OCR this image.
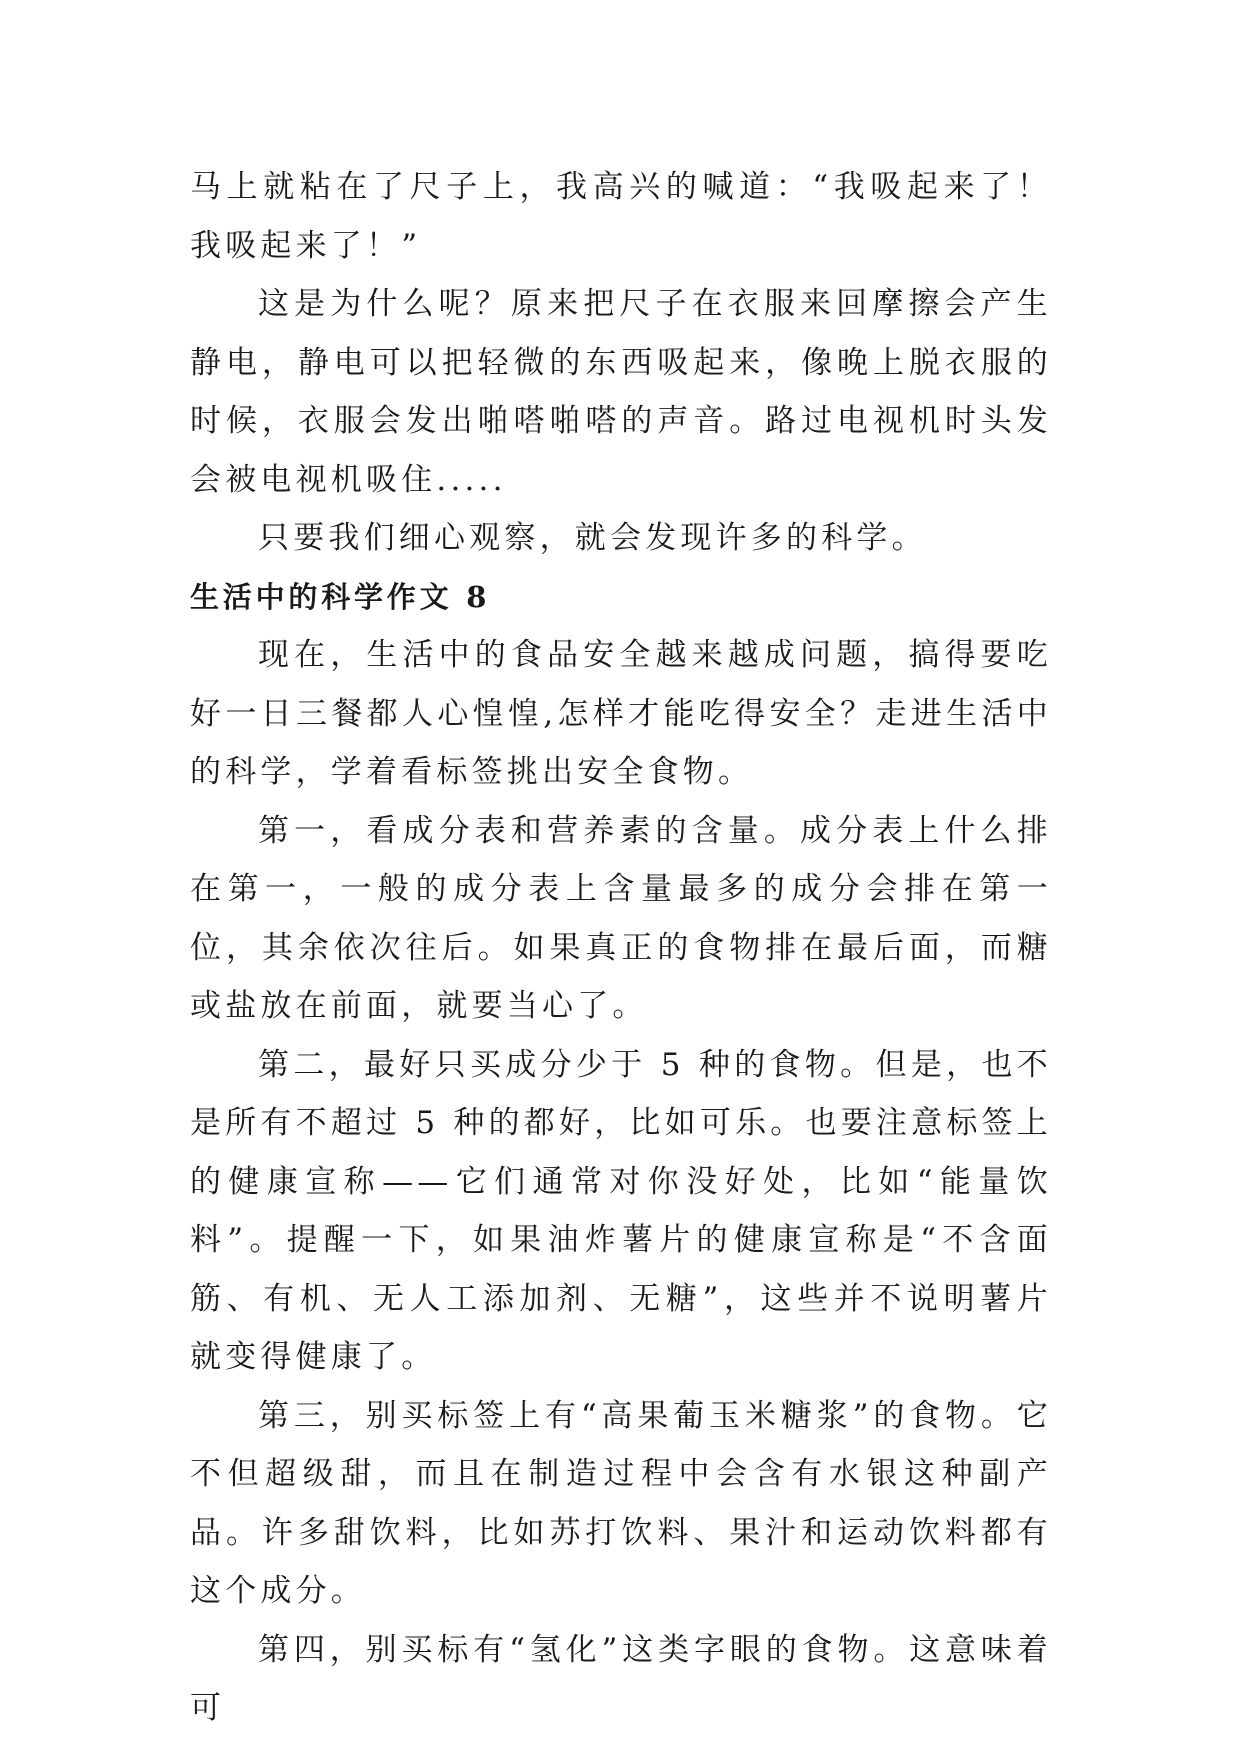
马上就粘在了尺子上，我高兴的喊道：“我吸起来了！我吸起来了！”

这是为什么呢？原来把尺子在衣服来回摩擦会产生静电，静电可以把轻微的东西吸起来，像晚上脱衣服的时候，衣服会发出啪嗒啪嗒的声音。路过电视机时头发会被电视机吸住.....

只要我们细心观察，就会发现许多的科学。

生活中的科学作文 8

现在，生活中的食品安全越来越成问题，搞得要吃好一日三餐都人心惶惶,怎样才能吃得安全？走进生活中的科学，学着看标签挑出安全食物。

第一，看成分表和营养素的含量。成分表上什么排在第一，一般的成分表上含量最多的成分会排在第一位，其余依次往后。如果真正的食物排在最后面，而糖或盐放在前面，就要当心了。

第二，最好只买成分少于 5 种的食物。但是，也不是所有不超过 5 种的都好，比如可乐。也要注意标签上的健康宣称——它们通常对你没好处，比如“能量饮料”。提醒一下，如果油炸薯片的健康宣称是“不含面筋、有机、无人工添加剂、无糖”，这些并不说明薯片就变得健康了。

第三，别买标签上有“高果葡玉米糖浆”的食物。它不但超级甜，而且在制造过程中会含有水银这种副产品。许多甜饮料，比如苏打饮料、果汁和运动饮料都有这个成分。

第四，别买标有“氢化”这类字眼的食物。这意味着可
